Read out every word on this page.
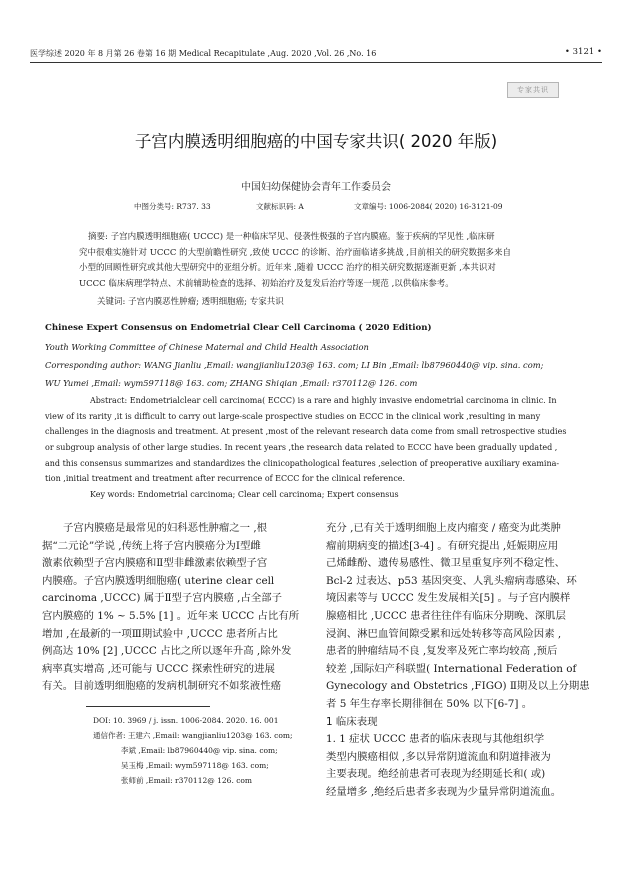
医学综述 2020 年 8 月第 26 卷第 16 期 Medical Recapitulate ,Aug. 2020 ,Vol. 26 ,No. 16	• 3121 •
专家共识
子宫内膜透明细胞癌的中国专家共识( 2020 年版)
中国妇幼保健协会青年工作委员会
中图分类号: R737. 33	文献标识码: A	文章编号: 1006-2084( 2020) 16-3121-09
摘要: 子宫内膜透明细胞癌( UCCC) 是一种临床罕见、侵袭性极强的子宫内膜癌。鉴于疾病的罕见性 ,临床研
究中很难实施针对 UCCC 的大型前瞻性研究 ,致使 UCCC 的诊断、治疗面临诸多挑战 ,目前相关的研究数据多来自
小型的回顾性研究或其他大型研究中的亚组分析。近年来 ,随着 UCCC 治疗的相关研究数据逐渐更新 ,本共识对
UCCC 临床病理学特点、术前辅助检查的选择、初始治疗及复发后治疗等逐一规范 ,以供临床参考。
关键词: 子宫内膜恶性肿瘤; 透明细胞癌; 专家共识
Chinese Expert Consensus on Endometrial Clear Cell Carcinoma ( 2020 Edition)
Youth Working Committee of Chinese Maternal and Child Health Association
Corresponding author: WANG Jianliu ,Email: wangjianliu1203@ 163. com; LI Bin ,Email: lb87960440@ vip. sina. com;
WU Yumei ,Email: wym597118@ 163. com; ZHANG Shiqian ,Email: r370112@ 126. com
Abstract: Endometrialclear cell carcinoma( ECCC) is a rare and highly invasive endometrial carcinoma in clinic. In
view of its rarity ,it is difficult to carry out large-scale prospective studies on ECCC in the clinical work ,resulting in many
challenges in the diagnosis and treatment. At present ,most of the relevant research data come from small retrospective studies
or subgroup analysis of other large studies. In recent years ,the research data related to ECCC have been gradually updated ,
and this consensus summarizes and standardizes the clinicopathological features ,selection of preoperative auxiliary examina-
tion ,initial treatment and treatment after recurrence of ECCC for the clinical reference.
Key words: Endometrial carcinoma; Clear cell carcinoma; Expert consensus
子宫内膜癌是最常见的妇科恶性肿瘤之一 ,根
据“二元论”学说 ,传统上将子宫内膜癌分为Ⅰ型雌
激素依赖型子宫内膜癌和Ⅱ型非雌激素依赖型子宫
内膜癌。子宫内膜透明细胞癌( uterine clear cell
carcinoma ,UCCC) 属于Ⅱ型子宫内膜癌 ,占全部子
宫内膜癌的 1% ~ 5.5% [1] 。近年来 UCCC 占比有所
增加 ,在最新的一项Ⅲ期试验中 ,UCCC 患者所占比
例高达 10% [2] ,UCCC 占比之所以逐年升高 ,除外发
病率真实增高 ,还可能与 UCCC 探索性研究的进展
有关。目前透明细胞癌的发病机制研究不如浆液性癌
DOI: 10. 3969 / j. issn. 1006-2084. 2020. 16. 001
通信作者: 王建六 ,Email: wangjianliu1203@ 163. com;
李斌 ,Email: lb87960440@ vip. sina. com;
吴玉梅 ,Email: wym597118@ 163. com;
张师前 ,Email: r370112@ 126. com
充分 ,已有关于透明细胞上皮内瘤变 / 癌变为此类肿
瘤前期病变的描述[3-4] 。有研究提出 ,妊娠期应用
己烯雌酚、遗传易感性、微卫星重复序列不稳定性、
Bcl-2 过表达、p53 基因突变、人乳头瘤病毒感染、环
境因素等与 UCCC 发生发展相关[5] 。与子宫内膜样
腺癌相比 ,UCCC 患者往往伴有临床分期晚、深肌层
浸润、淋巴血管间隙受累和远处转移等高风险因素 ,
患者的肿瘤结局不良 ,复发率及死亡率均较高 ,预后
较差 ,国际妇产科联盟( International Federation of
Gynecology and Obstetrics ,FIGO) Ⅱ期及以上分期患
者 5 年生存率长期徘徊在 50% 以下[6-7] 。
1 临床表现
1. 1 症状 UCCC 患者的临床表现与其他组织学
类型内膜癌相似 ,多以异常阴道流血和阴道排液为
主要表现。绝经前患者可表现为经期延长和( 或)
经量增多 ,绝经后患者多表现为少量异常阴道流血。
